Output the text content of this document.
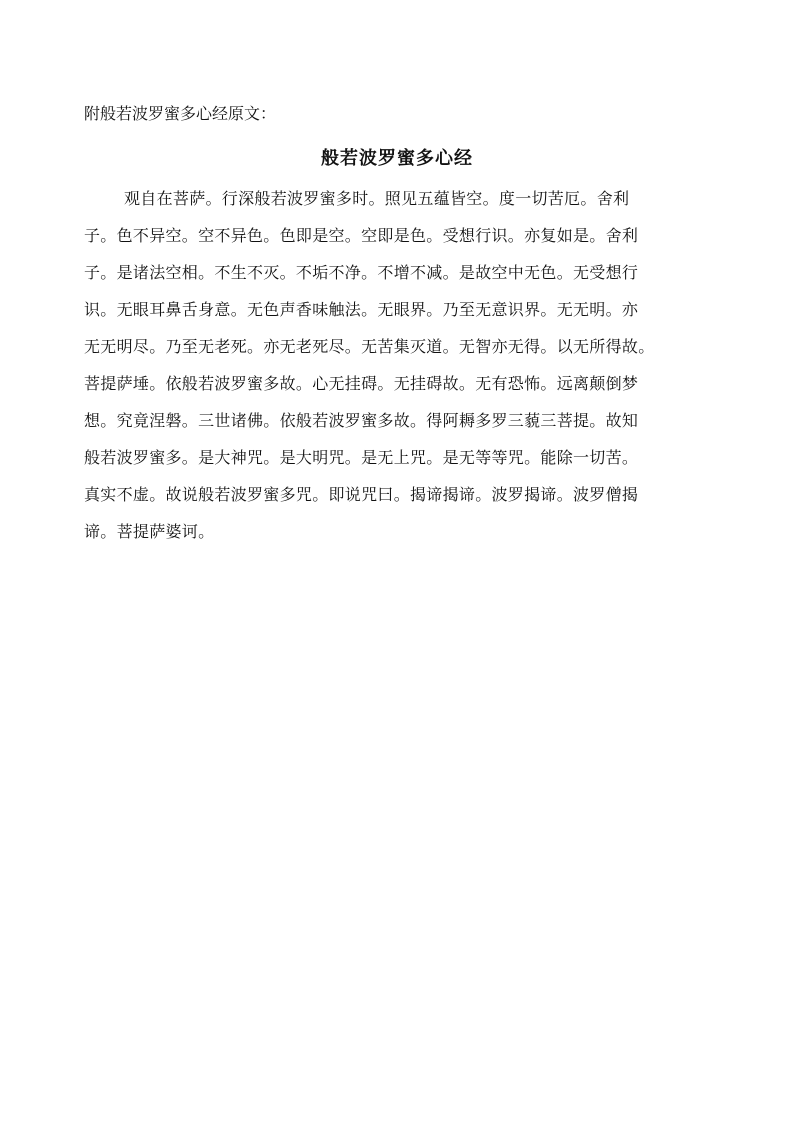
附般若波罗蜜多心经原文：
般若波罗蜜多心经
观自在菩萨。行深般若波罗蜜多时。照见五蕴皆空。度一切苦厄。舍利
子。色不异空。空不异色。色即是空。空即是色。受想行识。亦复如是。舍利
子。是诸法空相。不生不灭。不垢不净。不增不减。是故空中无色。无受想行
识。无眼耳鼻舌身意。无色声香味触法。无眼界。乃至无意识界。无无明。亦
无无明尽。乃至无老死。亦无老死尽。无苦集灭道。无智亦无得。以无所得故。
菩提萨埵。依般若波罗蜜多故。心无挂碍。无挂碍故。无有恐怖。远离颠倒梦
想。究竟涅磐。三世诸佛。依般若波罗蜜多故。得阿耨多罗三藐三菩提。故知
般若波罗蜜多。是大神咒。是大明咒。是无上咒。是无等等咒。能除一切苦。
真实不虚。故说般若波罗蜜多咒。即说咒曰。揭谛揭谛。波罗揭谛。波罗僧揭
谛。菩提萨婆诃。
